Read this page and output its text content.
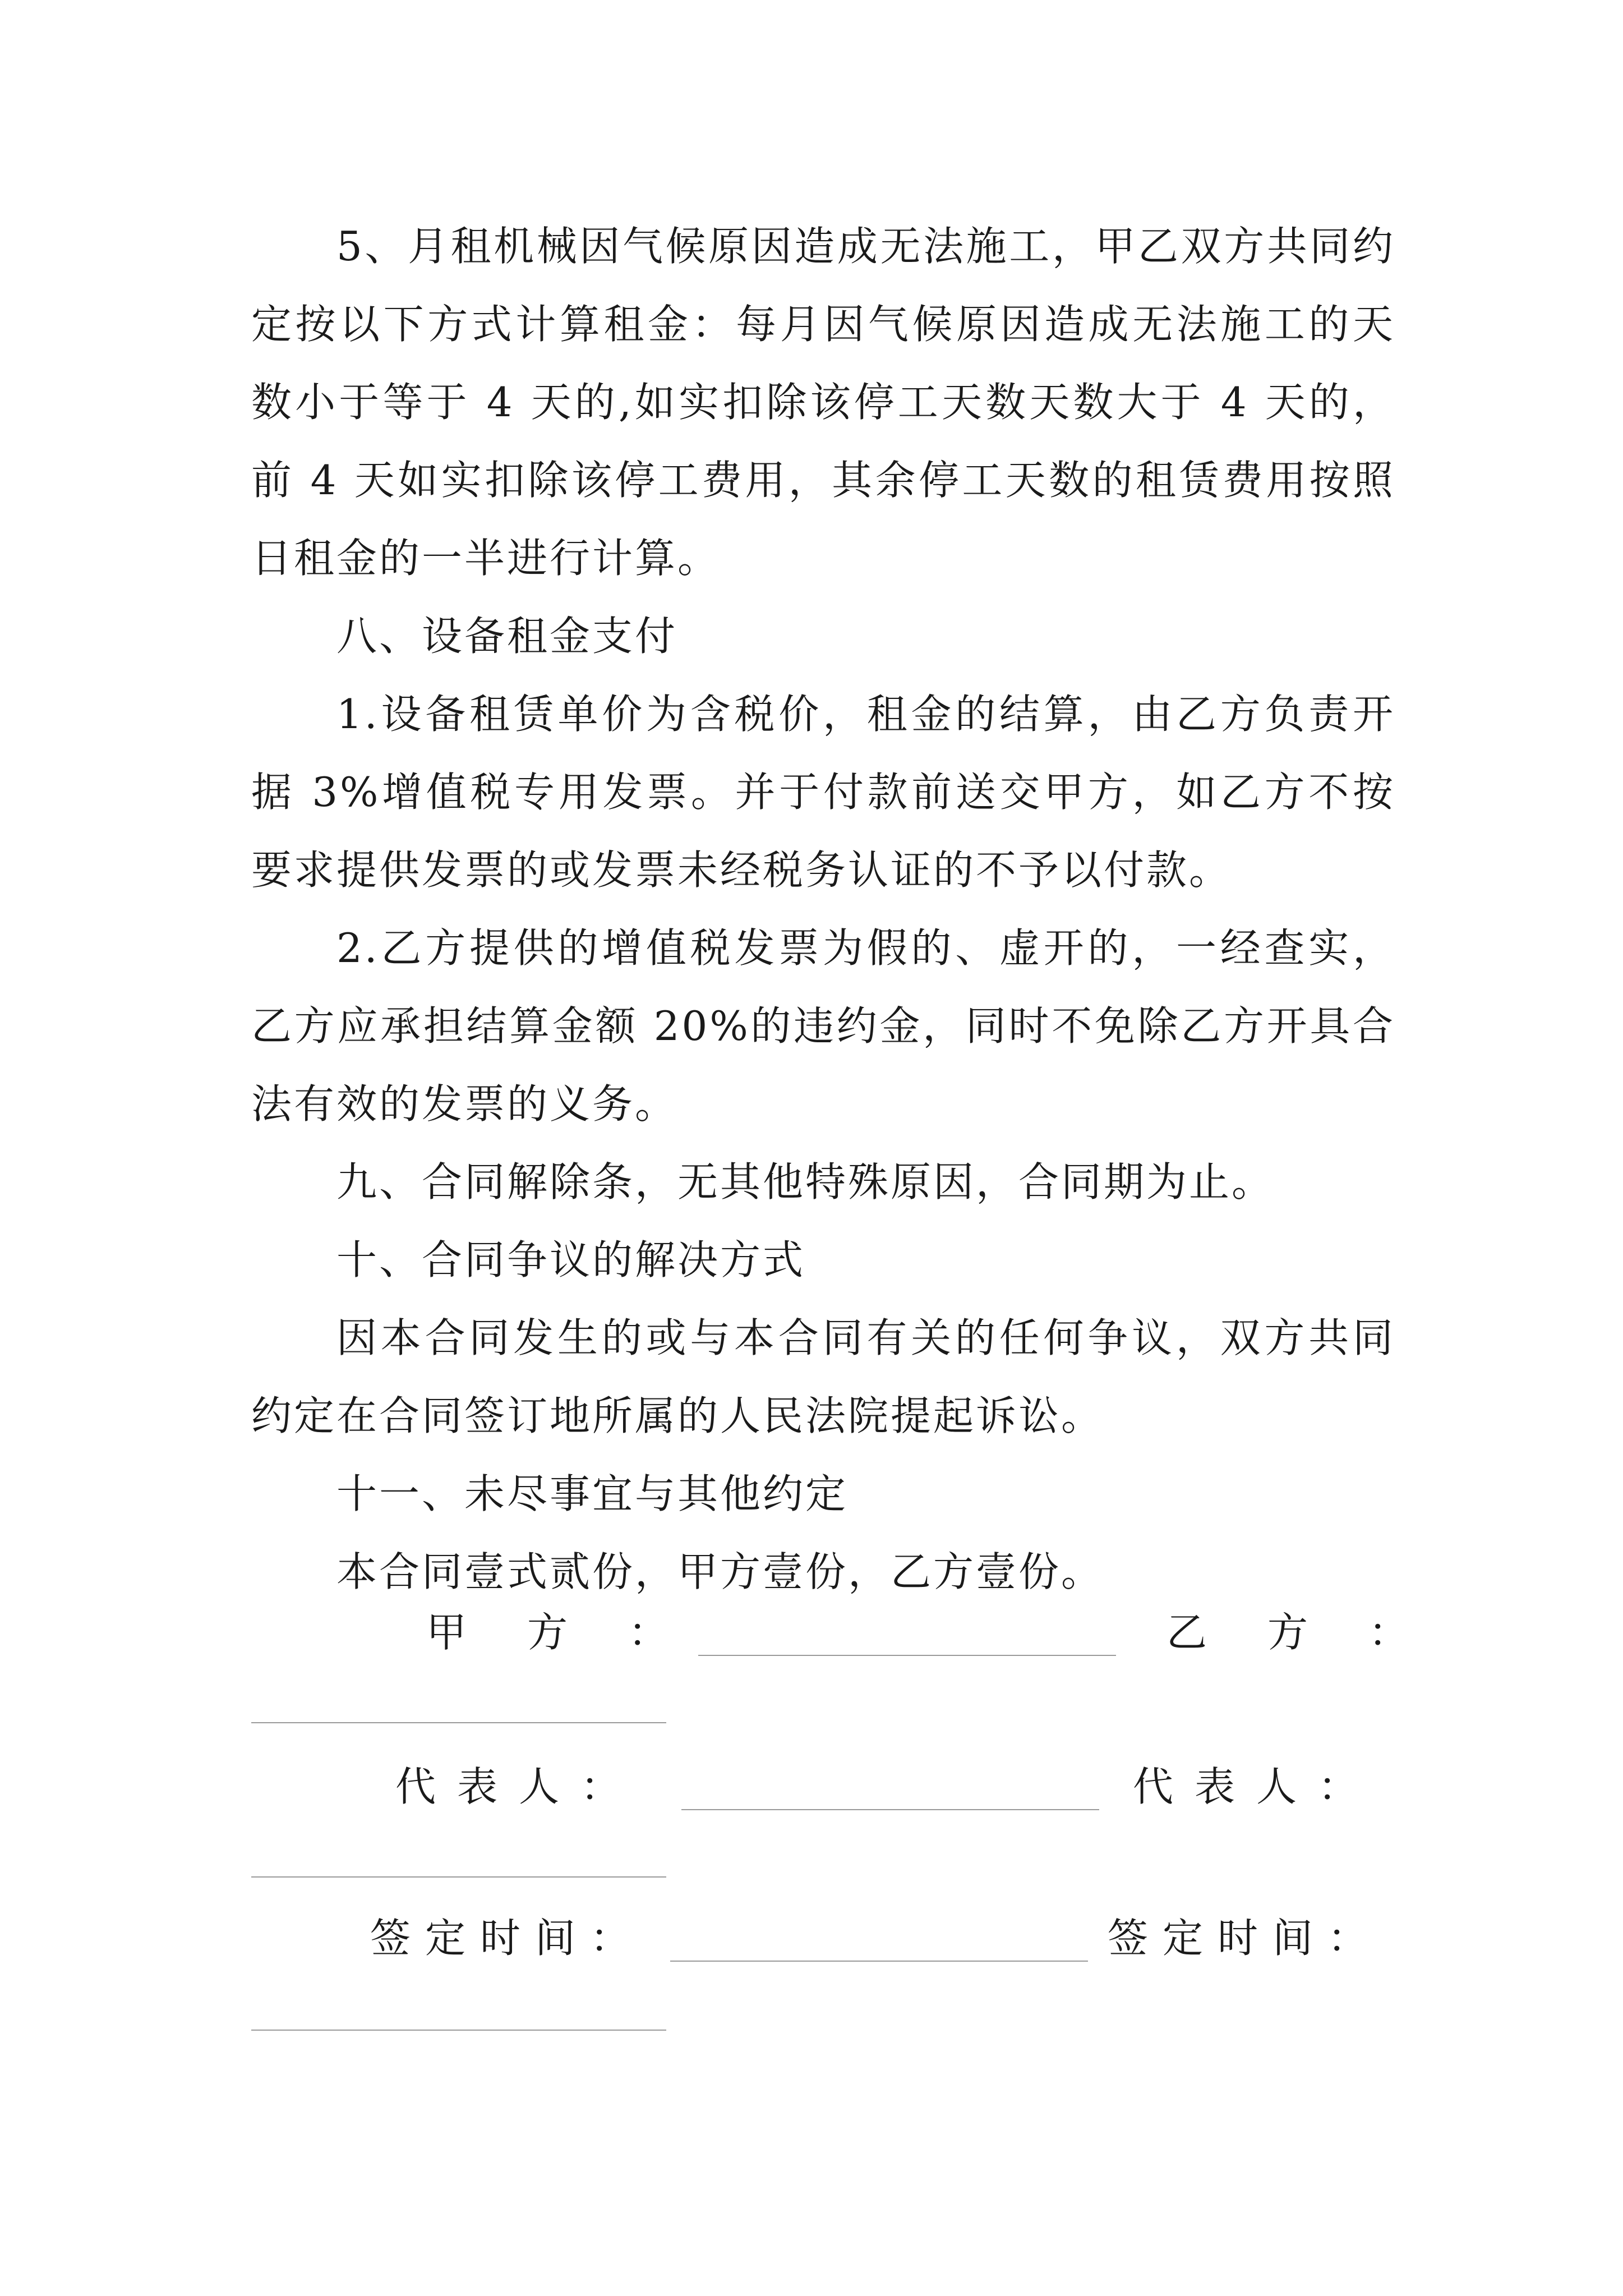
5、月租机械因气候原因造成无法施工，甲乙双方共同约定按以下方式计算租金：每月因气候原因造成无法施工的天数小于等于 4 天的,如实扣除该停工天数天数大于 4 天的，前 4 天如实扣除该停工费用，其余停工天数的租赁费用按照日租金的一半进行计算。

八、设备租金支付

1.设备租赁单价为含税价，租金的结算，由乙方负责开据 3%增值税专用发票。并于付款前送交甲方，如乙方不按要求提供发票的或发票未经税务认证的不予以付款。

2.乙方提供的增值税发票为假的、虚开的，一经查实，乙方应承担结算金额 20%的违约金，同时不免除乙方开具合法有效的发票的义务。

九、合同解除条，无其他特殊原因，合同期为止。

十、合同争议的解决方式

因本合同发生的或与本合同有关的任何争议，双方共同约定在合同签订地所属的人民法院提起诉讼。

十一、未尽事宜与其他约定

本合同壹式贰份，甲方壹份，乙方壹份。

甲　方　：	乙　方　：
代表人：	代表人：
签定时间：	签定时间：
